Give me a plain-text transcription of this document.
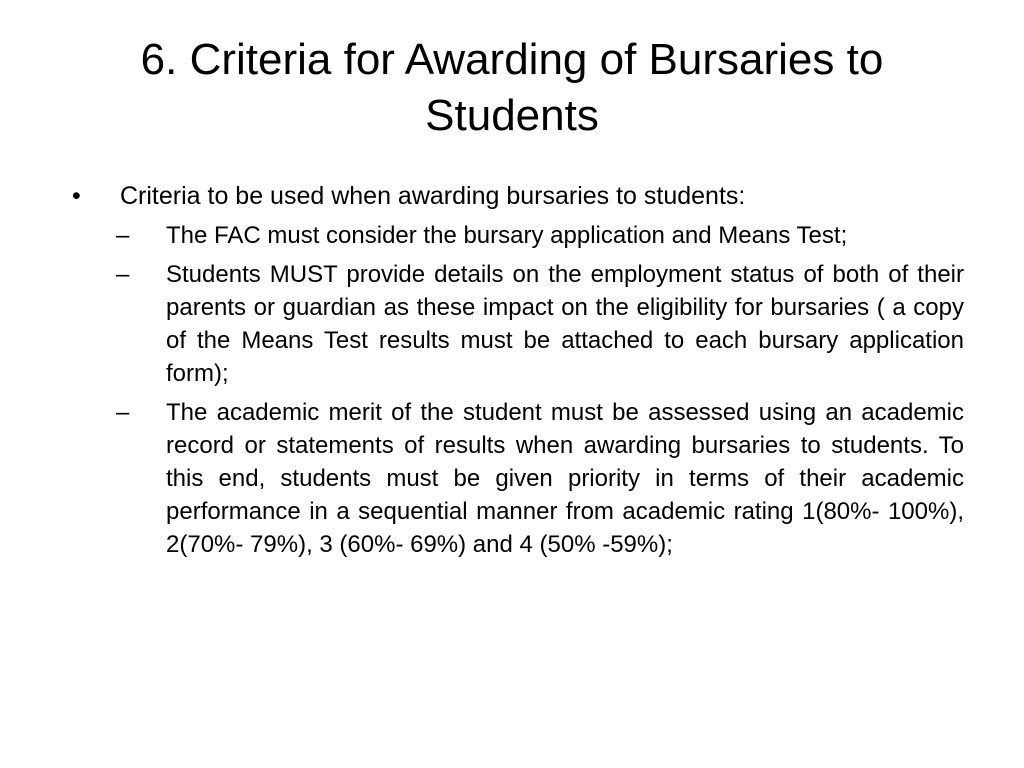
6. Criteria for Awarding of Bursaries to Students
• Criteria to be used when awarding bursaries to students:
– The FAC must consider the bursary application and Means Test;
– Students MUST provide details on the employment status of both of their parents or guardian as these impact on the eligibility for bursaries ( a copy of the Means Test results must be attached to each bursary application form);
– The academic merit of the student must be assessed using an academic record or statements of results when awarding bursaries to students. To this end, students must be given priority in terms of their academic performance in a sequential manner from academic rating 1(80%- 100%), 2(70%- 79%), 3 (60%- 69%) and 4 (50% -59%);
